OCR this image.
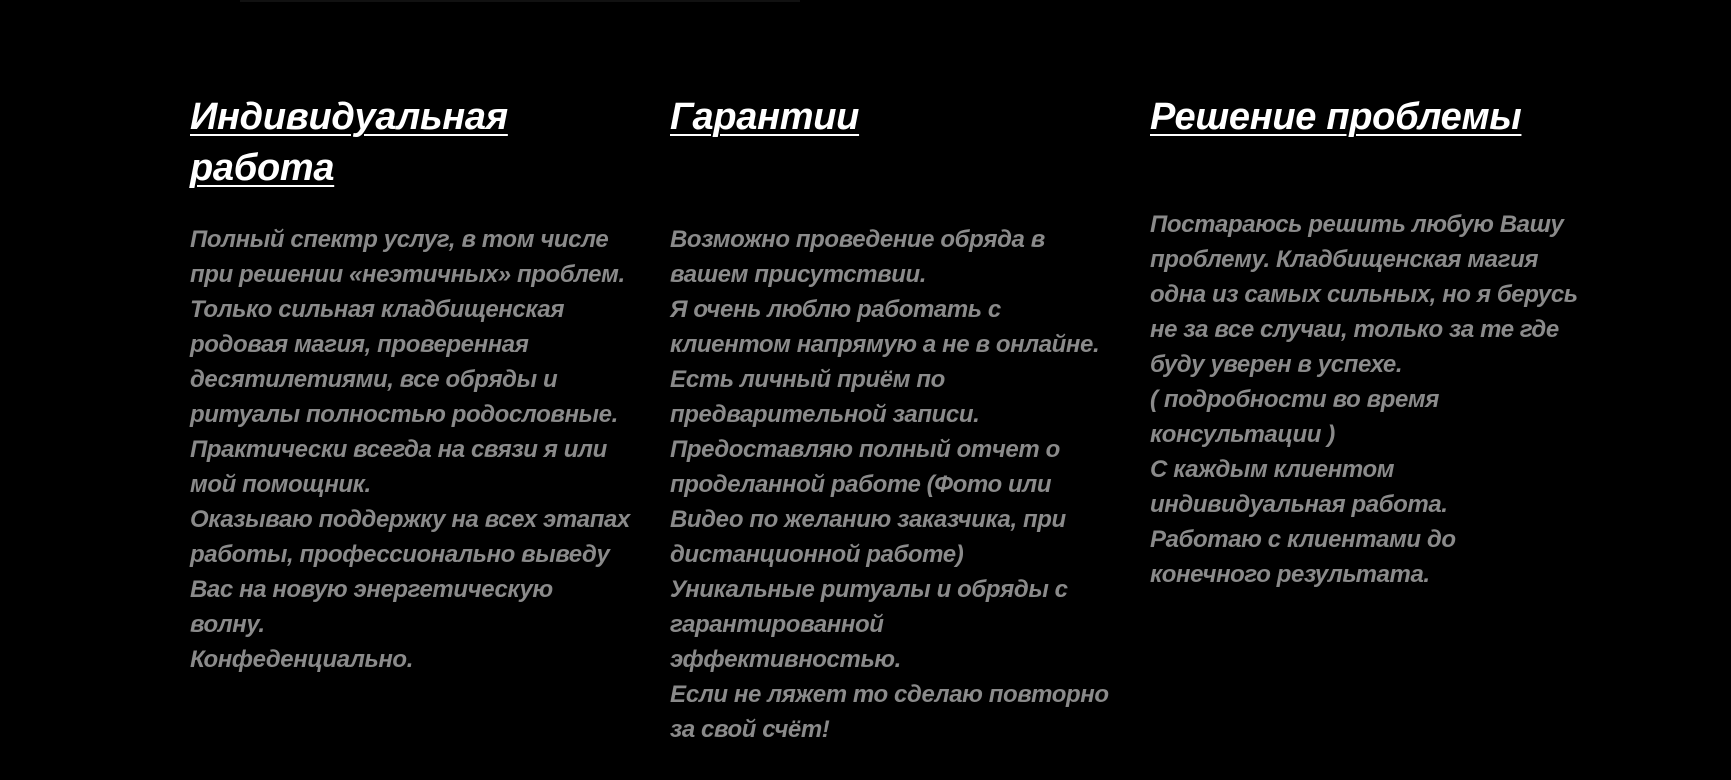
Индивидуальная работа
Полный спектр услуг, в том числе при решении «неэтичных» проблем.
Только сильная кладбищенская родовая магия, проверенная десятилетиями, все обряды и ритуалы полностью родословные.
Практически всегда на связи я или мой помощник.
Оказываю поддержку на всех этапах работы, профессионально выведу Вас на новую энергетическую волну.
Конфеденциально.
Гарантии
Возможно проведение обряда в вашем присутствии.
Я очень люблю работать с клиентом напрямую а не в онлайне.
Есть личный приём по предварительной записи.
Предоставляю полный отчет о проделанной работе (Фото или Видео по желанию заказчика, при дистанционной работе)
Уникальные ритуалы и обряды с гарантированной эффективностью.
Если не ляжет то сделаю повторно за свой счёт!
Решение проблемы
Постараюсь решить любую Вашу проблему. Кладбищенская магия одна из самых сильных, но я берусь не за все случаи, только за те где буду уверен в успехе.
( подробности во время консультации )
С каждым клиентом индивидуальная работа.
Работаю с клиентами до конечного результата.
